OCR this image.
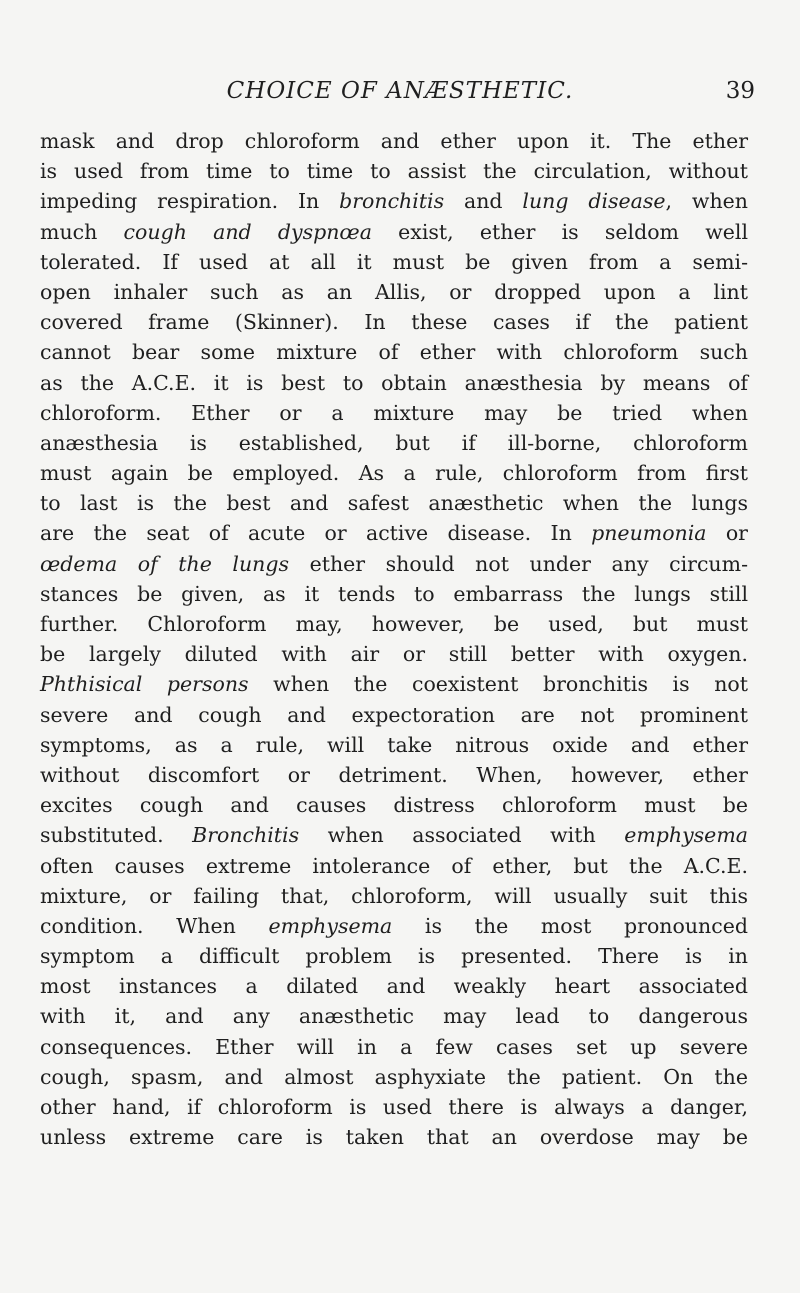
CHOICE OF ANÆSTHETIC.	39
mask and drop chloroform and ether upon it. The ether
is used from time to time to assist the circulation, without
impeding respiration. In bronchitis and lung disease, when
much cough and dyspnœa exist, ether is seldom well
tolerated. If used at all it must be given from a semi-
open inhaler such as an Allis, or dropped upon a lint
covered frame (Skinner). In these cases if the patient
cannot bear some mixture of ether with chloroform such
as the A.C.E. it is best to obtain anæsthesia by means of
chloroform. Ether or a mixture may be tried when
anæsthesia is established, but if ill-borne, chloroform
must again be employed. As a rule, chloroform from first
to last is the best and safest anæsthetic when the lungs
are the seat of acute or active disease. In pneumonia or
œdema of the lungs ether should not under any circum-
stances be given, as it tends to embarrass the lungs still
further. Chloroform may, however, be used, but must
be largely diluted with air or still better with oxygen.
Phthisical persons when the coexistent bronchitis is not
severe and cough and expectoration are not prominent
symptoms, as a rule, will take nitrous oxide and ether
without discomfort or detriment. When, however, ether
excites cough and causes distress chloroform must be
substituted. Bronchitis when associated with emphysema
often causes extreme intolerance of ether, but the A.C.E.
mixture, or failing that, chloroform, will usually suit this
condition. When emphysema is the most pronounced
symptom a difficult problem is presented. There is in
most instances a dilated and weakly heart associated
with it, and any anæsthetic may lead to dangerous
consequences. Ether will in a few cases set up severe
cough, spasm, and almost asphyxiate the patient. On the
other hand, if chloroform is used there is always a danger,
unless extreme care is taken that an overdose may be
